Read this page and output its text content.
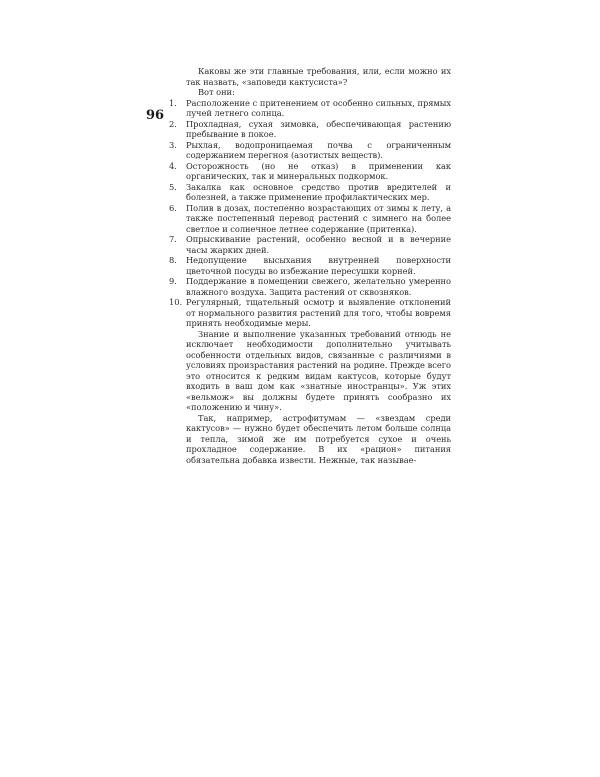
96

Каковы же эти главные требования, или, если можно их так назвать, «заповеди кактусиста»?

Вот они:

1.	Расположение с притенением от особенно сильных, прямых лучей летнего солнца.
2.	Прохладная, сухая зимовка, обеспечивающая растению пребывание в покое.
3.	Рыхлая, водопроницаемая почва с ограниченным содержанием перегноя (азотистых веществ).
4.	Осторожность (но не отказ) в применении как органических, так и минеральных подкормок.
5.	Закалка как основное средство против вредителей и болезней, а также применение профилактических мер.
6.	Полив в дозах, постепенно возрастающих от зимы к лету, а также постепенный перевод растений с зимнего на более светлое и солнечное летнее содержание (притенка).
7.	Опрыскивание растений, особенно весной и в вечерние часы жарких дней.
8.	Недопущение высыхания внутренней поверхности цветочной посуды во избежание пересушки корней.
9.	Поддержание в помещении свежего, желательно умеренно влажного воздуха. Защита растений от сквозняков.
10. Регулярный, тщательный осмотр и выявление отклонений от нормального развития растений для того, чтобы вовремя принять необходимые меры.

Знание и выполнение указанных требований отнюдь не исключает необходимости дополнительно учитывать особенности отдельных видов, связанные с различиями в условиях произрастания растений на родине. Прежде всего это относится к редким видам кактусов, которые будут входить в ваш дом как «знатные иностранцы». Уж этих «вельмож» вы должны будете принять сообразно их «положению и чину».

Так, например, астрофитумам — «звездам среди кактусов» — нужно будет обеспечить летом больше солнца и тепла, зимой же им потребуется сухое и очень прохладное содержание. В их «рацион» питания обязательна добавка извести. Нежные, так называе-
